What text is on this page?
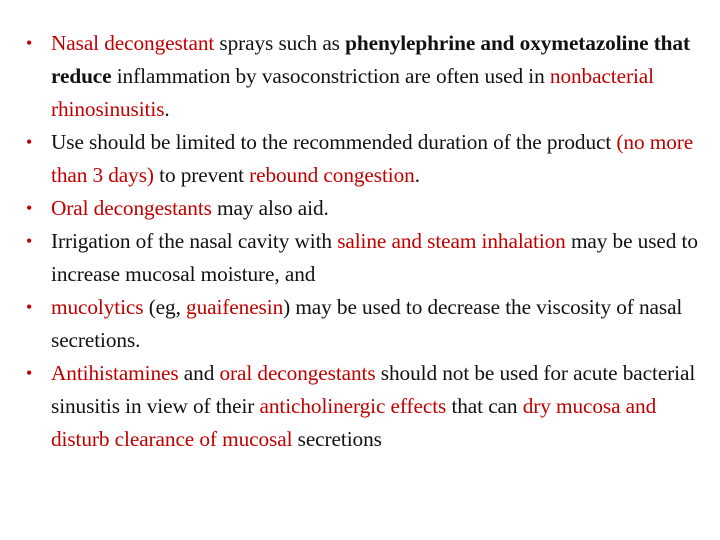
• Nasal decongestant sprays such as phenylephrine and oxymetazoline that reduce inflammation by vasoconstriction are often used in nonbacterial rhinosinusitis.
• Use should be limited to the recommended duration of the product (no more than 3 days) to prevent rebound congestion.
• Oral decongestants may also aid.
• Irrigation of the nasal cavity with saline and steam inhalation may be used to increase mucosal moisture, and
• mucolytics (eg, guaifenesin) may be used to decrease the viscosity of nasal secretions.
• Antihistamines and oral decongestants should not be used for acute bacterial sinusitis in view of their anticholinergic effects that can dry mucosa and disturb clearance of mucosal secretions
